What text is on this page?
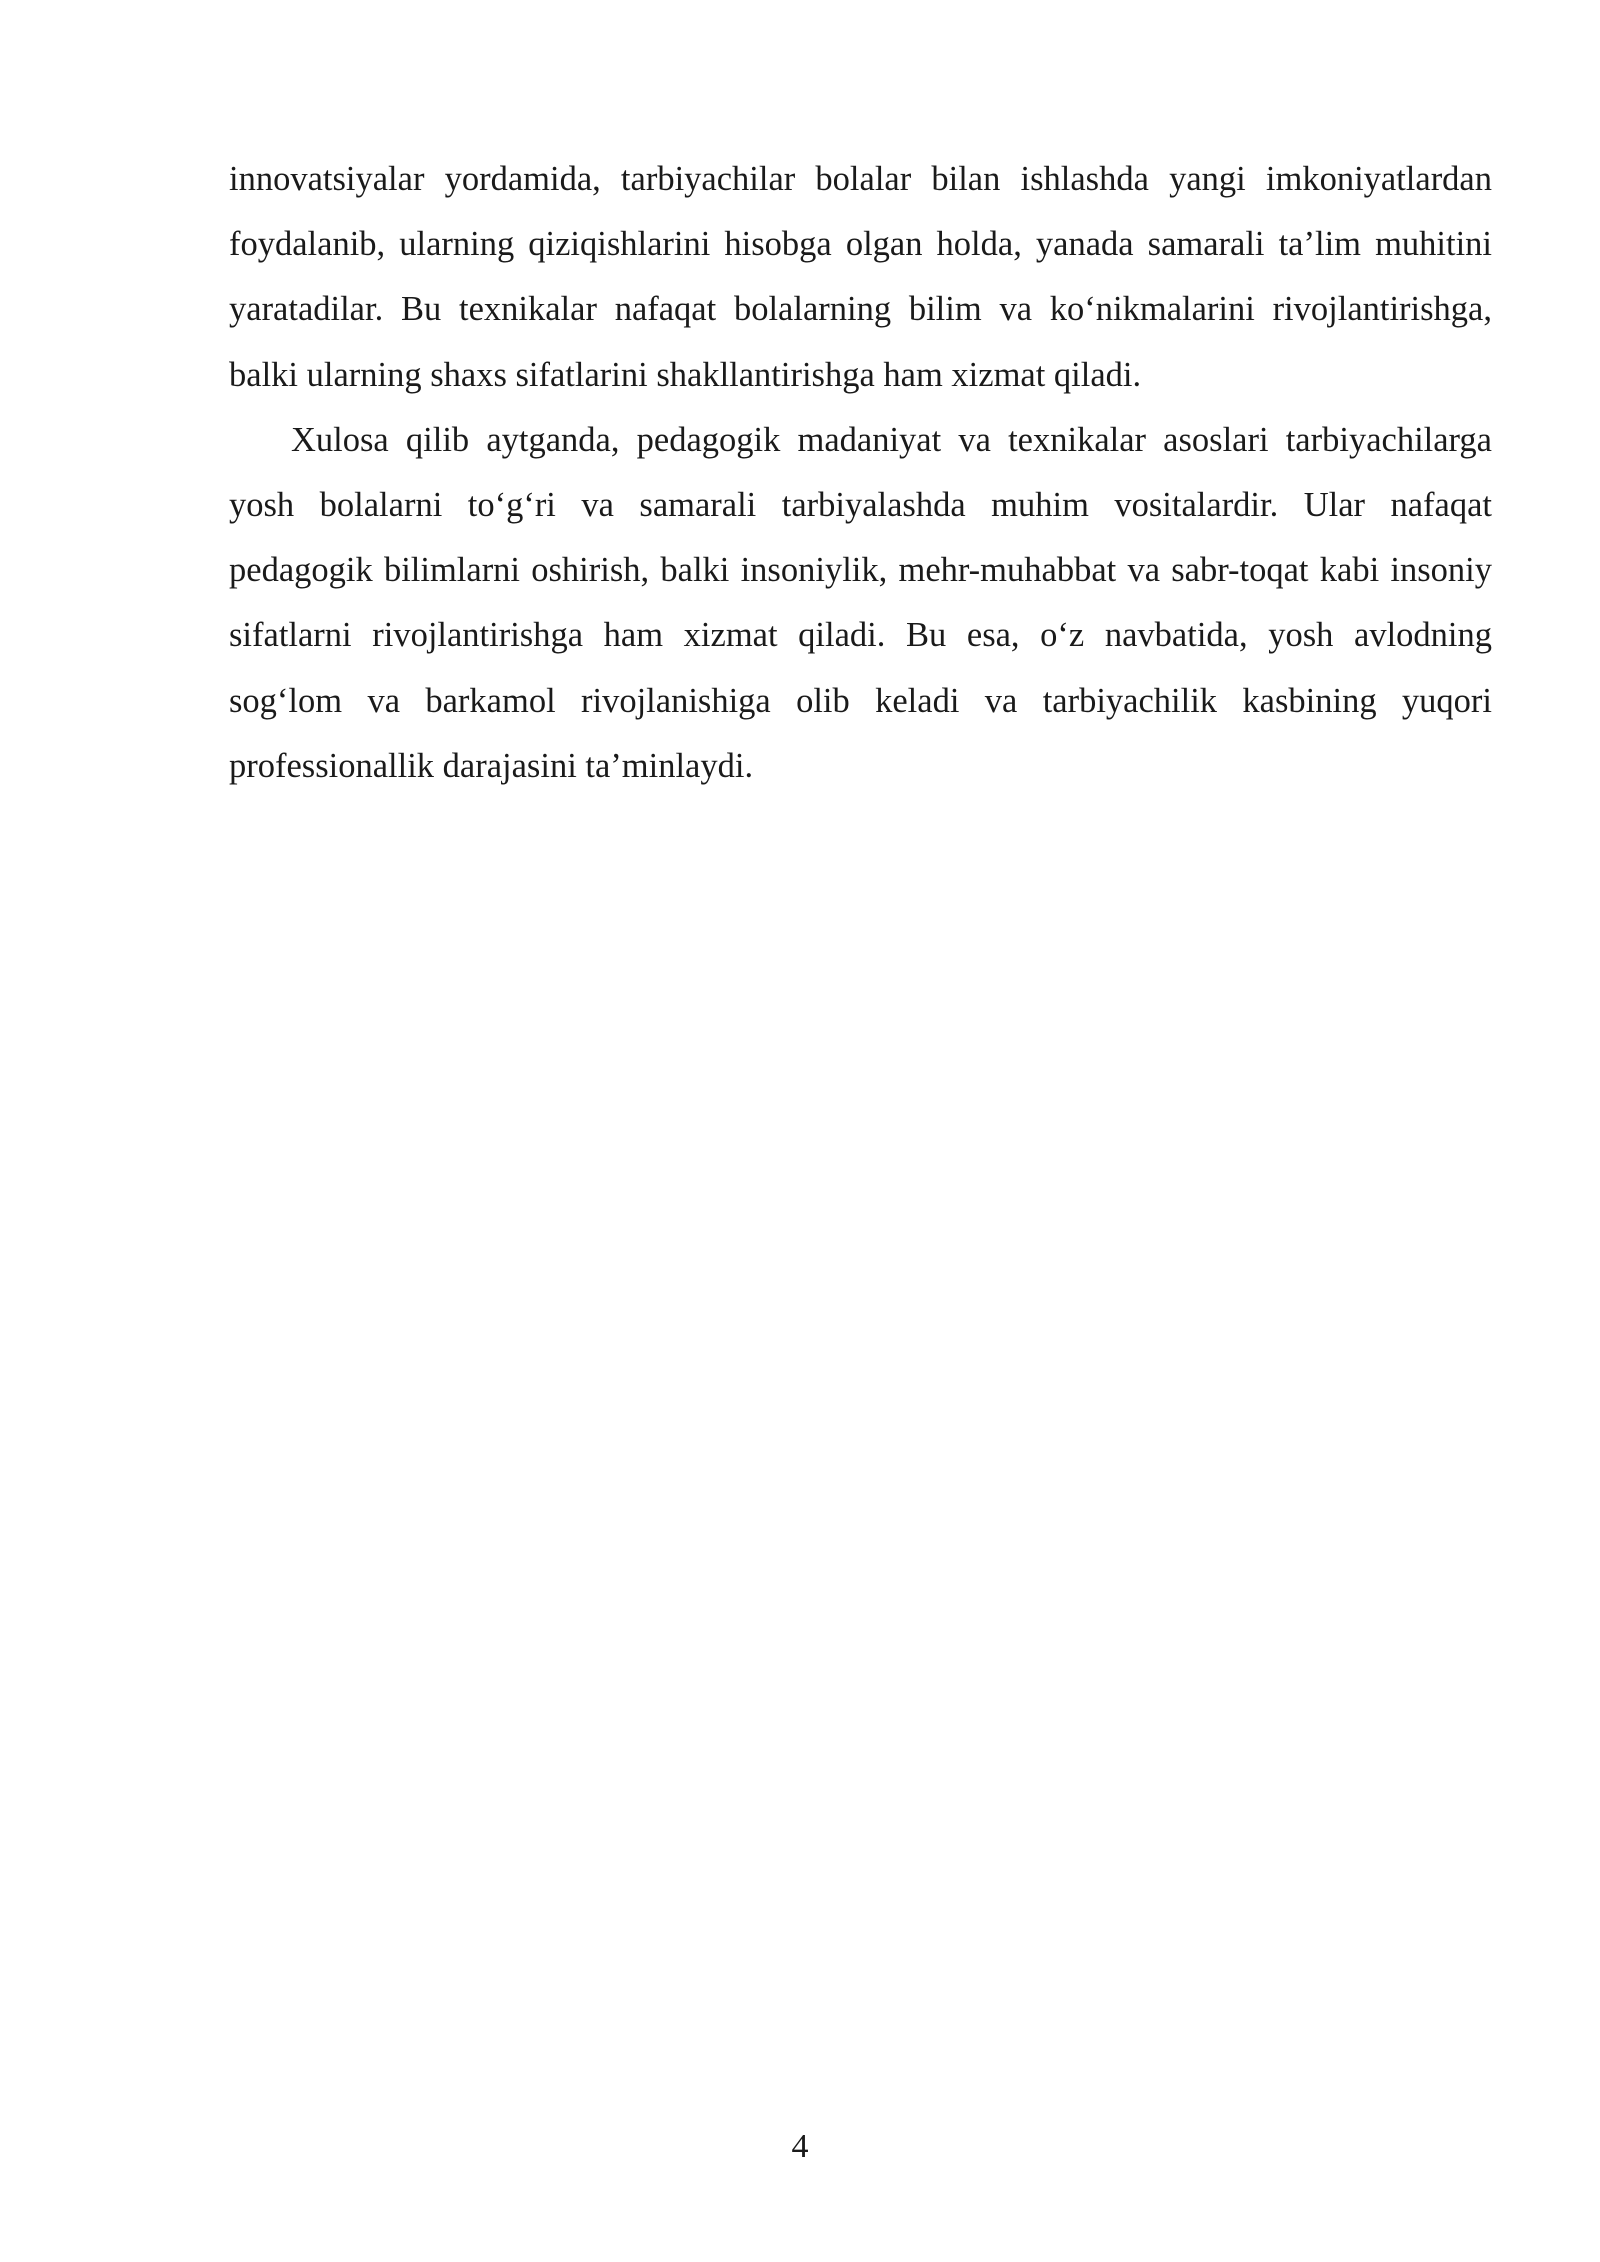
innovatsiyalar yordamida, tarbiyachilar bolalar bilan ishlashda yangi imkoniyatlardan foydalanib, ularning qiziqishlarini hisobga olgan holda, yanada samarali ta’lim muhitini yaratadilar. Bu texnikalar nafaqat bolalarning bilim va ko‘nikmalarini rivojlantirishga, balki ularning shaxs sifatlarini shakllantirishga ham xizmat qiladi.

Xulosa qilib aytganda, pedagogik madaniyat va texnikalar asoslari tarbiyachilarga yosh bolalarni to‘g‘ri va samarali tarbiyalashda muhim vositalardir. Ular nafaqat pedagogik bilimlarni oshirish, balki insoniylik, mehr-muhabbat va sabr-toqat kabi insoniy sifatlarni rivojlantirishga ham xizmat qiladi. Bu esa, o‘z navbatida, yosh avlodning sog‘lom va barkamol rivojlanishiga olib keladi va tarbiyachilik kasbining yuqori professionallik darajasini ta’minlaydi.

4
